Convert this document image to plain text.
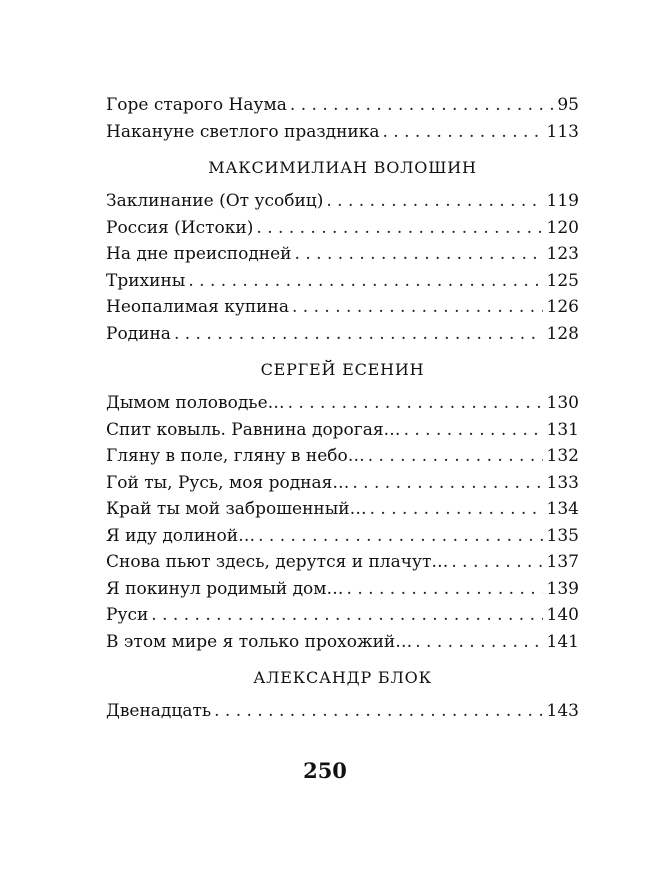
Горе старого Наума . . .	95
Накануне светлого праздника . . .	113
МАКСИМИЛИАН ВОЛОШИН
Заклинание (От усобиц) . . .	119
Россия (Истоки) . . .	120
На дне преисподней . . .	123
Трихины . . .	125
Неопалимая купина . . .	126
Родина . . .	128
СЕРГЕЙ ЕСЕНИН
Дымом половодье… . . .	130
Спит ковыль. Равнина дорогая… . . .	131
Гляну в поле, гляну в небо… . . .	132
Гой ты, Русь, моя родная… . . .	133
Край ты мой заброшенный… . . .	134
Я иду долиной… . . .	135
Снова пьют здесь, дерутся и плачут… . . .	137
Я покинул родимый дом… . . .	139
Руси . . .	140
В этом мире я только прохожий… . . .	141
АЛЕКСАНДР БЛОК
Двенадцать . . .	143
250
